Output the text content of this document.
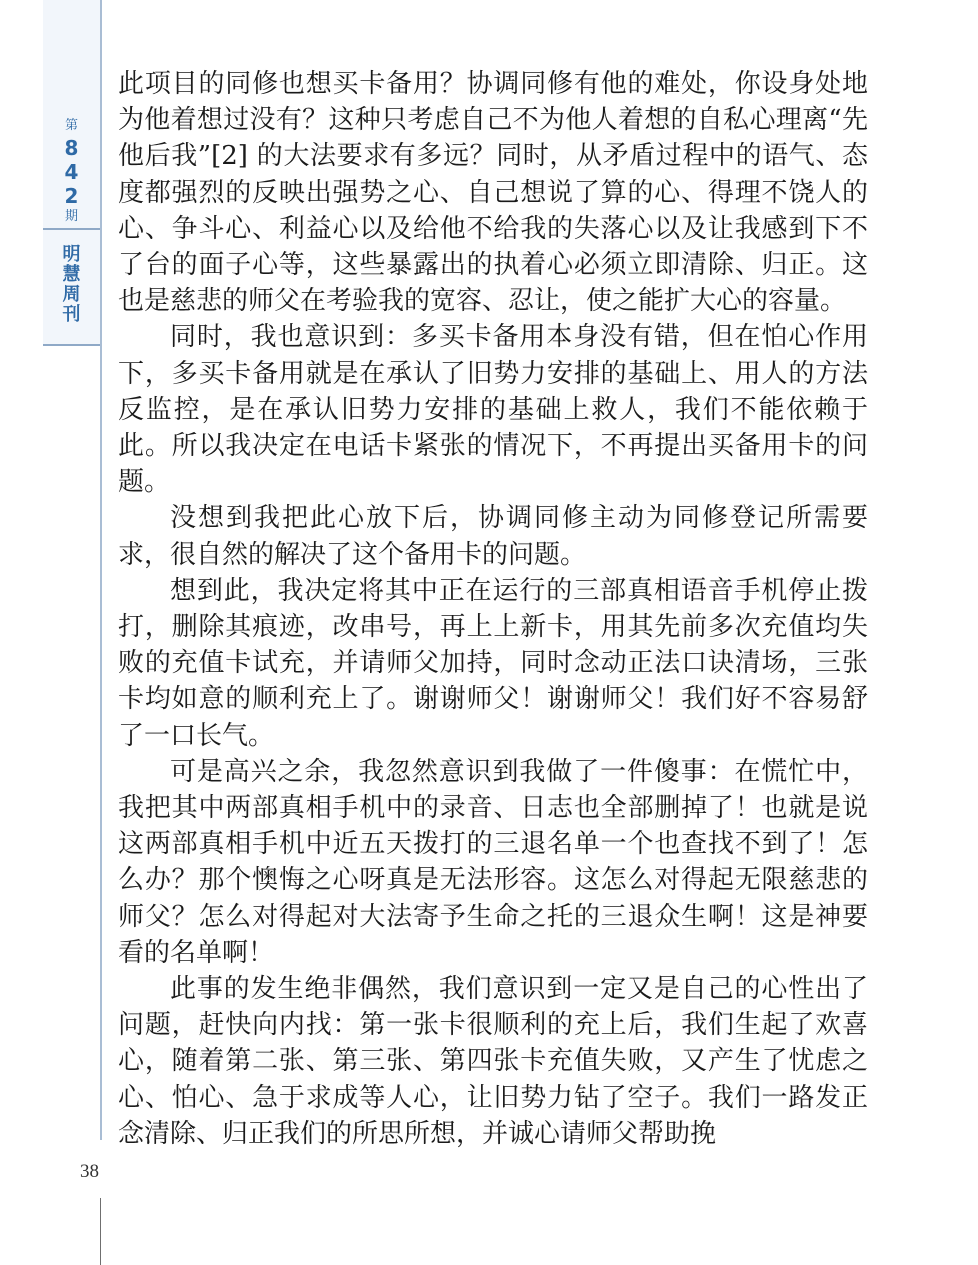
第
8
4
2
期
明
慧
周
刊
38

此项目的同修也想买卡备用？协调同修有他的难处，你设身处地为他着想过没有？这种只考虑自己不为他人着想的自私心理离“先他后我”[2] 的大法要求有多远？同时，从矛盾过程中的语气、态度都强烈的反映出强势之心、自己想说了算的心、得理不饶人的心、争斗心、利益心以及给他不给我的失落心以及让我感到下不了台的面子心等，这些暴露出的执着心必须立即清除、归正。这也是慈悲的师父在考验我的宽容、忍让，使之能扩大心的容量。

同时，我也意识到：多买卡备用本身没有错，但在怕心作用下，多买卡备用就是在承认了旧势力安排的基础上、用人的方法反监控，是在承认旧势力安排的基础上救人，我们不能依赖于此。所以我决定在电话卡紧张的情况下，不再提出买备用卡的问题。

没想到我把此心放下后，协调同修主动为同修登记所需要求，很自然的解决了这个备用卡的问题。

想到此，我决定将其中正在运行的三部真相语音手机停止拨打，删除其痕迹，改串号，再上上新卡，用其先前多次充值均失败的充值卡试充，并请师父加持，同时念动正法口诀清场，三张卡均如意的顺利充上了。谢谢师父！谢谢师父！我们好不容易舒了一口长气。

可是高兴之余，我忽然意识到我做了一件傻事：在慌忙中，我把其中两部真相手机中的录音、日志也全部删掉了！也就是说这两部真相手机中近五天拨打的三退名单一个也查找不到了！怎么办？那个懊悔之心呀真是无法形容。这怎么对得起无限慈悲的师父？怎么对得起对大法寄予生命之托的三退众生啊！这是神要看的名单啊！

此事的发生绝非偶然，我们意识到一定又是自己的心性出了问题，赶快向内找：第一张卡很顺利的充上后，我们生起了欢喜心，随着第二张、第三张、第四张卡充值失败，又产生了忧虑之心、怕心、急于求成等人心，让旧势力钻了空子。我们一路发正念清除、归正我们的所思所想，并诚心请师父帮助挽
